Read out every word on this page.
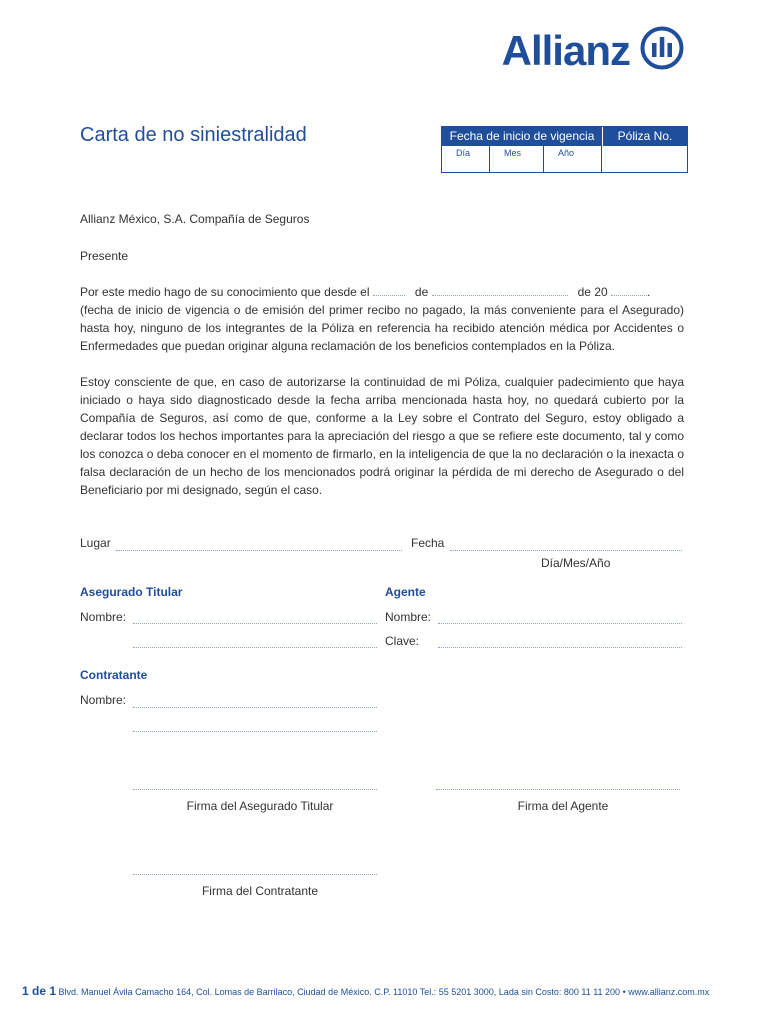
Allianz
Carta de no siniestralidad	Fecha de inicio de vigencia	Póliza No.
Día	Mes	Año
Allianz México, S.A. Compañía de Seguros
Presente
Por este medio hago de su conocimiento que desde el	de	de 20	.
(fecha de inicio de vigencia o de emisión del primer recibo no pagado, la más conveniente para el Asegurado) hasta hoy, ninguno de los integrantes de la Póliza en referencia ha recibido atención médica por Accidentes o Enfermedades que puedan originar alguna reclamación de los beneficios contemplados en la Póliza.
Estoy consciente de que, en caso de autorizarse la continuidad de mi Póliza, cualquier padecimiento que haya iniciado o haya sido diagnosticado desde la fecha arriba mencionada hasta hoy, no quedará cubierto por la Compañía de Seguros, así como de que, conforme a la Ley sobre el Contrato del Seguro, estoy obligado a declarar todos los hechos importantes para la apreciación del riesgo a que se refiere este documento, tal y como los conozca o deba conocer en el momento de firmarlo, en la inteligencia de que la no declaración o la inexacta o falsa declaración de un hecho de los mencionados podrá originar la pérdida de mi derecho de Asegurado o del Beneficiario por mi designado, según el caso.
Lugar	Fecha
Día/Mes/Año
Asegurado Titular
Nombre:
Agente
Nombre:
Clave:
Contratante
Nombre:
Firma del Asegurado Titular	Firma del Agente
Firma del Contratante
1 de 1 Blvd. Manuel Ávila Camacho 164, Col. Lomas de Barrilaco, Ciudad de México. C.P. 11010 Tel.: 55 5201 3000, Lada sin Costo: 800 11 11 200 • www.allianz.com.mx
